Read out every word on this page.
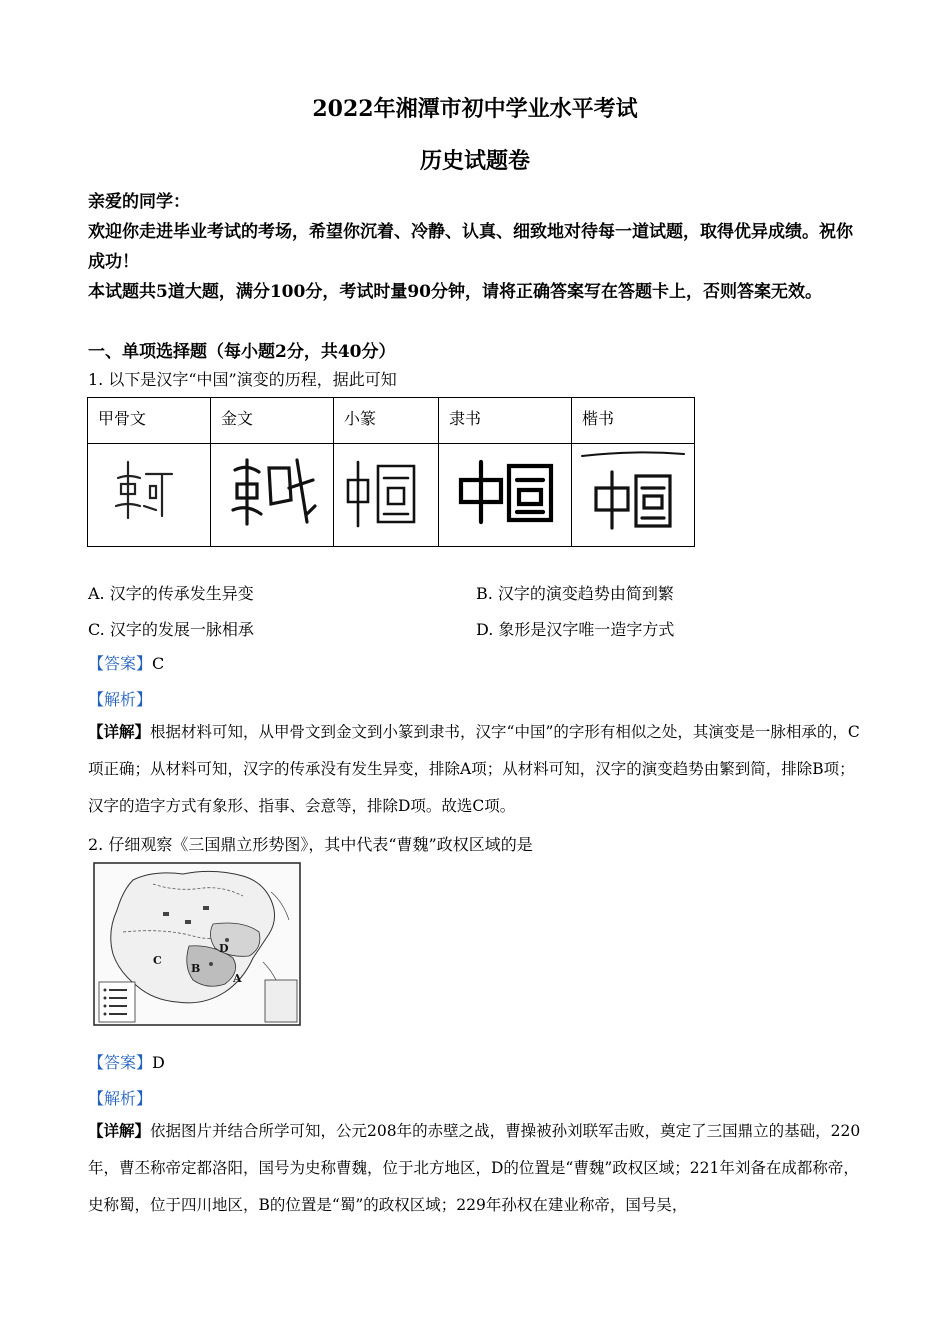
2022年湘潭市初中学业水平考试
历史试题卷
亲爱的同学：
欢迎你走进毕业考试的考场，希望你沉着、冷静、认真、细致地对待每一道试题，取得优异成绩。祝你成功！
本试题共5道大题，满分100分，考试时量90分钟，请将正确答案写在答题卡上，否则答案无效。
一、单项选择题（每小题2分，共40分）
1. 以下是汉字“中国”演变的历程，据此可知
甲骨文	金文	小篆	隶书	楷书

A. 汉字的传承发生异变	B. 汉字的演变趋势由简到繁
C. 汉字的发展一脉相承	D. 象形是汉字唯一造字方式
【答案】C
【解析】
【详解】根据材料可知，从甲骨文到金文到小篆到隶书，汉字“中国”的字形有相似之处，其演变是一脉相承的，C项正确；从材料可知，汉字的传承没有发生异变，排除A项；从材料可知，汉字的演变趋势由繁到简，排除B项；汉字的造字方式有象形、指事、会意等，排除D项。故选C项。
2. 仔细观察《三国鼎立形势图》，其中代表“曹魏”政权区域的是
A
B
C
D
【答案】D
【解析】
【详解】依据图片并结合所学可知，公元208年的赤壁之战，曹操被孙刘联军击败，奠定了三国鼎立的基础，220年，曹丕称帝定都洛阳，国号为史称曹魏，位于北方地区，D的位置是“曹魏”政权区域；221年刘备在成都称帝，史称蜀，位于四川地区，B的位置是“蜀”的政权区域；229年孙权在建业称帝，国号吴，
